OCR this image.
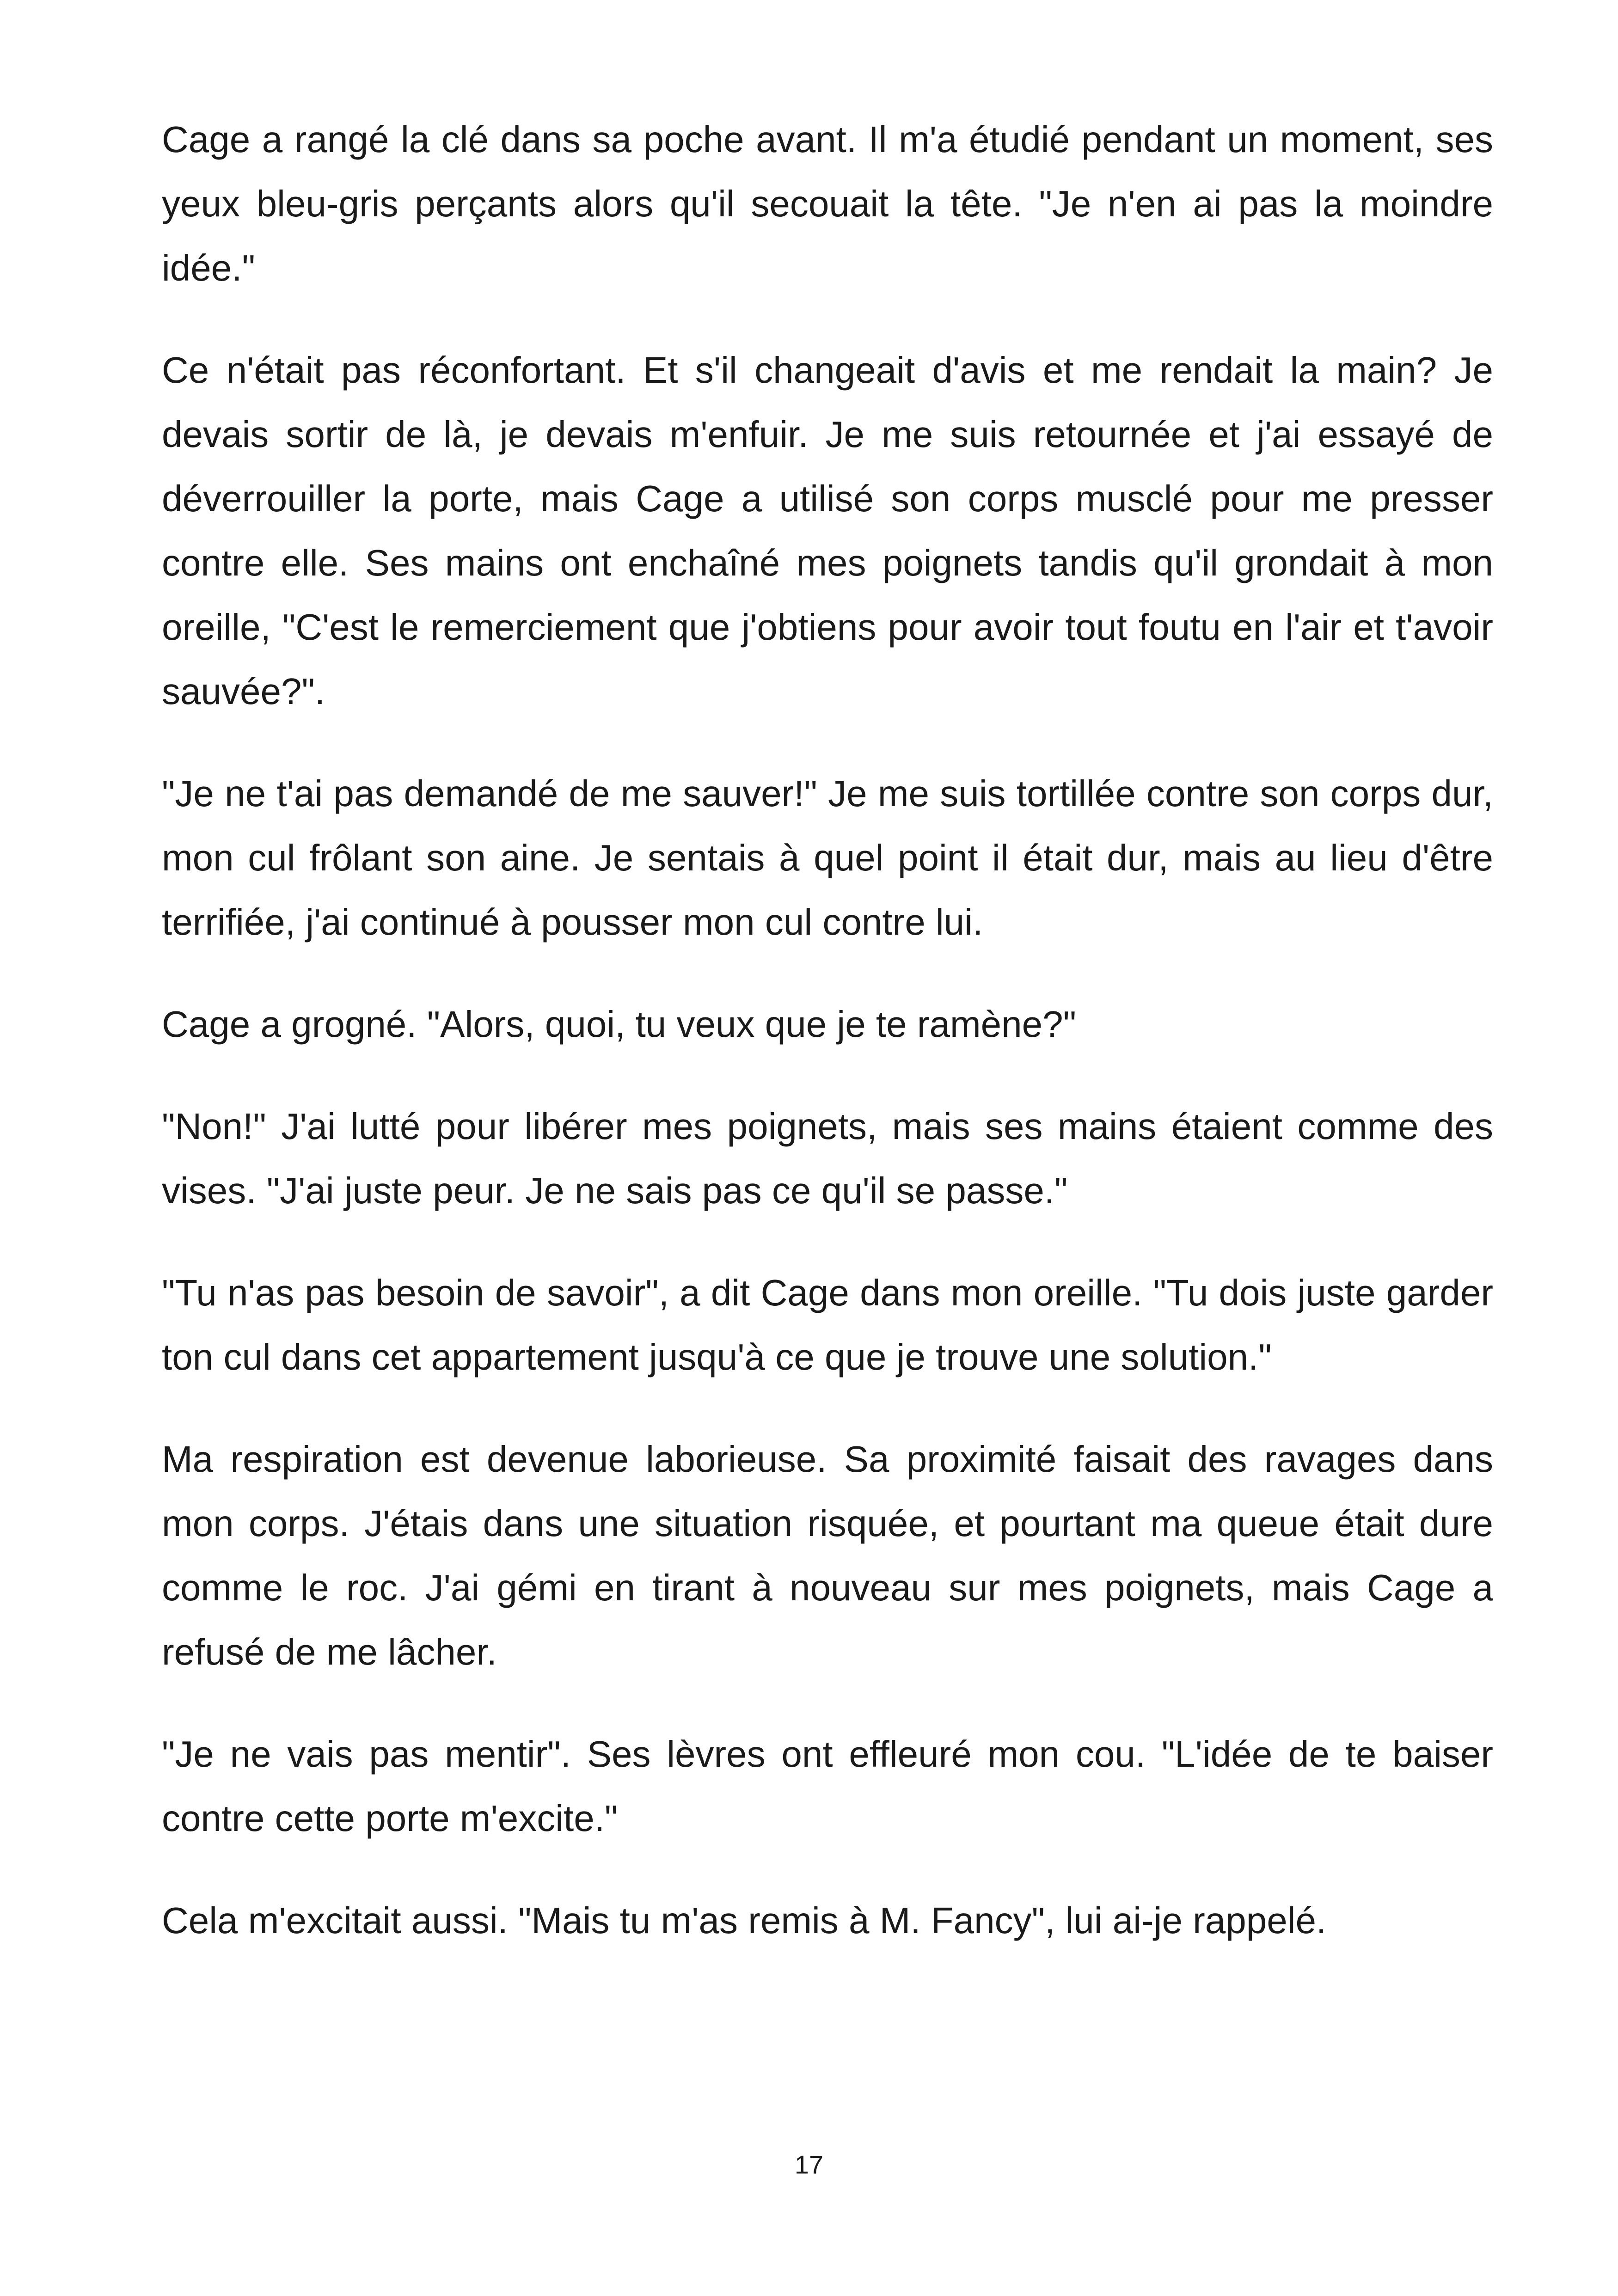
Cage a rangé la clé dans sa poche avant. Il m'a étudié pendant un moment, ses yeux bleu-gris perçants alors qu'il secouait la tête. "Je n'en ai pas la moindre idée."

Ce n'était pas réconfortant. Et s'il changeait d'avis et me rendait la main? Je devais sortir de là, je devais m'enfuir. Je me suis retournée et j'ai essayé de déverrouiller la porte, mais Cage a utilisé son corps musclé pour me presser contre elle. Ses mains ont enchaîné mes poignets tandis qu'il grondait à mon oreille, "C'est le remerciement que j'obtiens pour avoir tout foutu en l'air et t'avoir sauvée?".

"Je ne t'ai pas demandé de me sauver!" Je me suis tortillée contre son corps dur, mon cul frôlant son aine. Je sentais à quel point il était dur, mais au lieu d'être terrifiée, j'ai continué à pousser mon cul contre lui.

Cage a grogné. "Alors, quoi, tu veux que je te ramène?"

"Non!" J'ai lutté pour libérer mes poignets, mais ses mains étaient comme des vises. "J'ai juste peur. Je ne sais pas ce qu'il se passe."

"Tu n'as pas besoin de savoir", a dit Cage dans mon oreille. "Tu dois juste garder ton cul dans cet appartement jusqu'à ce que je trouve une solution."

Ma respiration est devenue laborieuse. Sa proximité faisait des ravages dans mon corps. J'étais dans une situation risquée, et pourtant ma queue était dure comme le roc. J'ai gémi en tirant à nouveau sur mes poignets, mais Cage a refusé de me lâcher.

"Je ne vais pas mentir". Ses lèvres ont effleuré mon cou. "L'idée de te baiser contre cette porte m'excite."

Cela m'excitait aussi. "Mais tu m'as remis à M. Fancy", lui ai-je rappelé.

17
